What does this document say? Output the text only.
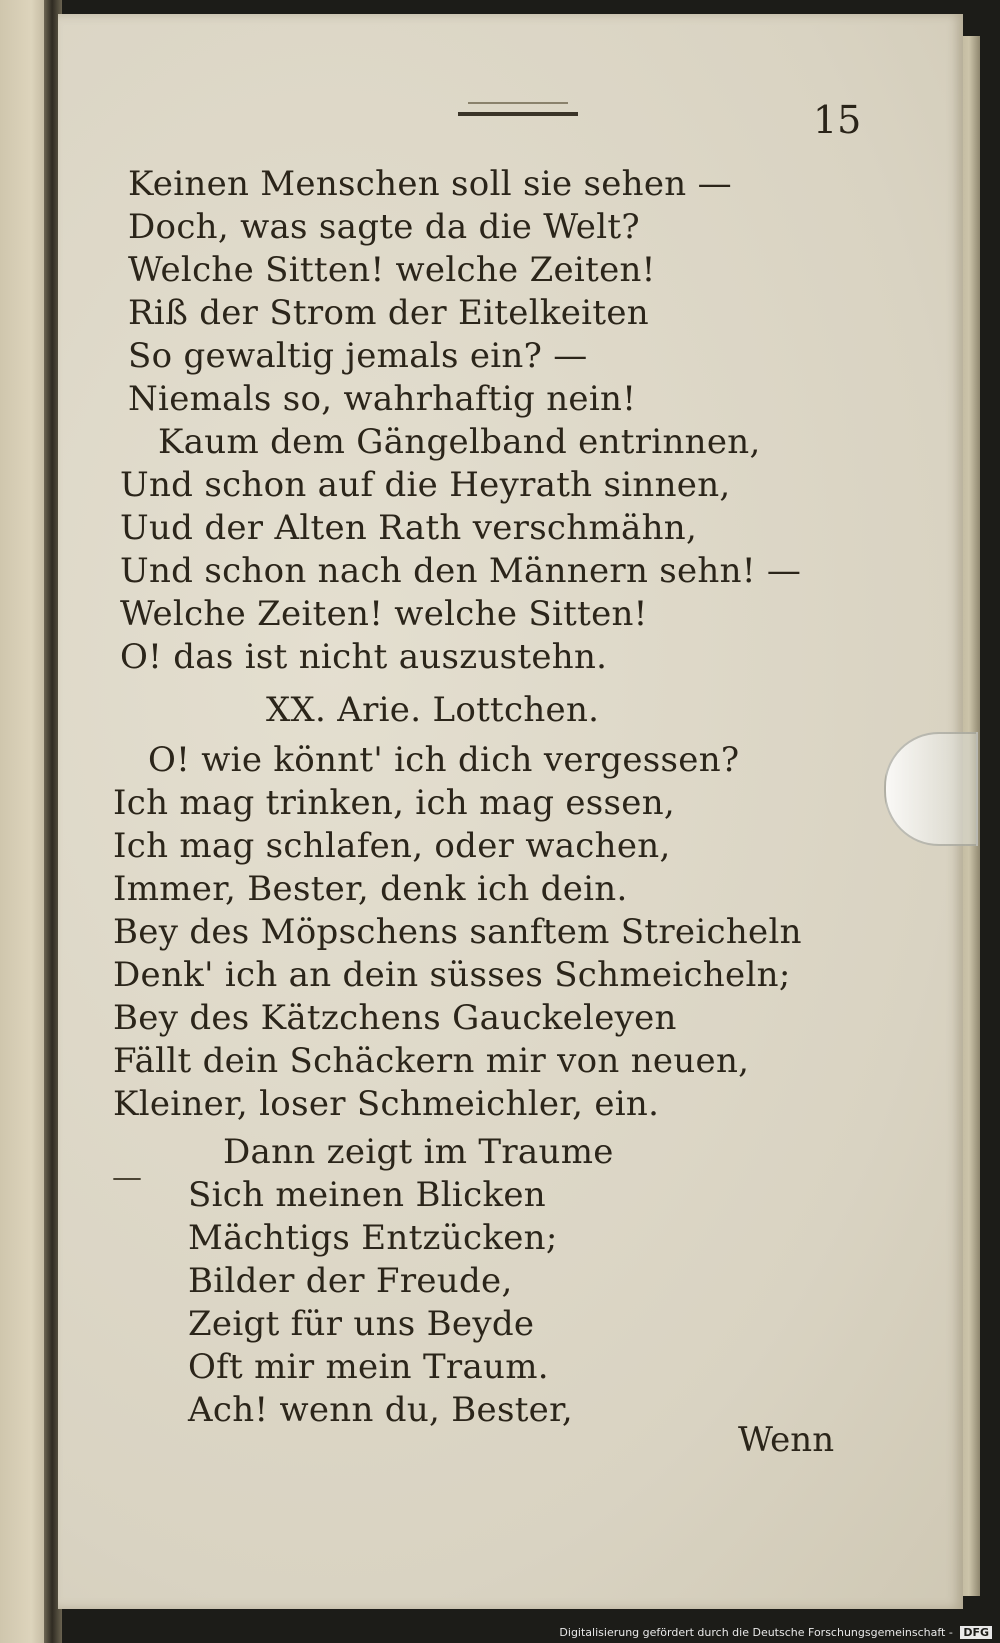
15
Keinen Menschen soll sie sehen —
Doch, was sagte da die Welt?
Welche Sitten! welche Zeiten!
Riß der Strom der Eitelkeiten
So gewaltig jemals ein? —
Niemals so, wahrhaftig nein!
Kaum dem Gängelband entrinnen,
Und schon auf die Heyrath sinnen,
Uud der Alten Rath verschmähn,
Und schon nach den Männern sehn! —
Welche Zeiten! welche Sitten!
O! das ist nicht auszustehn.
XX. Arie. Lottchen.
O! wie könnt' ich dich vergessen?
Ich mag trinken, ich mag essen,
Ich mag schlafen, oder wachen,
Immer, Bester, denk ich dein.
Bey des Möpschens sanftem Streicheln
Denk' ich an dein süsses Schmeicheln;
Bey des Kätzchens Gauckeleyen
Fällt dein Schäckern mir von neuen,
Kleiner, loser Schmeichler, ein.
Dann zeigt im Traume
Sich meinen Blicken
Mächtigs Entzücken;
Bilder der Freude,
Zeigt für uns Beyde
Oft mir mein Traum.
Ach! wenn du, Bester,
Wenn
—
Digitalisierung gefördert durch die Deutsche Forschungsgemeinschaft - DFG
